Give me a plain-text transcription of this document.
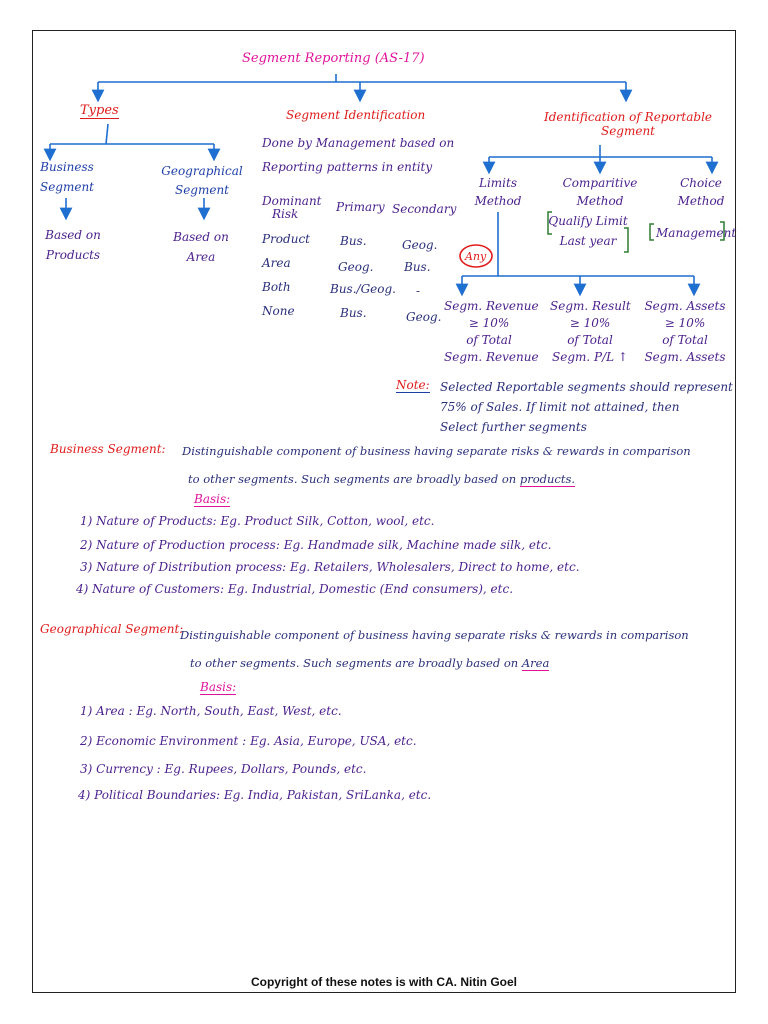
Segment Reporting (AS-17)
Types
Business
Segment
Geographical
Segment
Based on
Products
Based on
Area
Segment Identification
Done by Management based on
Reporting patterns in entity
Dominant
Risk	Primary Secondary
Product	Bus.	Geog.
Area	Geog.	Bus.
Both	Bus./Geog. -
None	Bus.	Geog.
Identification of Reportable
Segment
Limits
Method
Comparitive
Method
Choice
Method
Qualify Limit
Last year
Management
Any
Segm. Revenue
≥ 10%
of Total
Segm. Revenue
Segm. Result
≥ 10%
of Total
Segm. P/L ↑
Segm. Assets
≥ 10%
of Total
Segm. Assets
Note: Selected Reportable segments should represent
75% of Sales. If limit not attained, then
Select further segments
Business Segment: Distinguishable component of business having separate risks & rewards in comparison
to other segments. Such segments are broadly based on products.
Basis:
1) Nature of Products: Eg. Product Silk, Cotton, wool, etc.
2) Nature of Production process: Eg. Handmade silk, Machine made silk, etc.
3) Nature of Distribution process: Eg. Retailers, Wholesalers, Direct to home, etc.
4) Nature of Customers: Eg. Industrial, Domestic (End consumers), etc.
Geographical Segment:
Distinguishable component of business having separate risks & rewards in comparison
to other segments. Such segments are broadly based on Area
Basis:
1) Area : Eg. North, South, East, West, etc.
2) Economic Environment : Eg. Asia, Europe, USA, etc.
3) Currency : Eg. Rupees, Dollars, Pounds, etc.
4) Political Boundaries: Eg. India, Pakistan, SriLanka, etc.
Copyright of these notes is with CA. Nitin Goel
